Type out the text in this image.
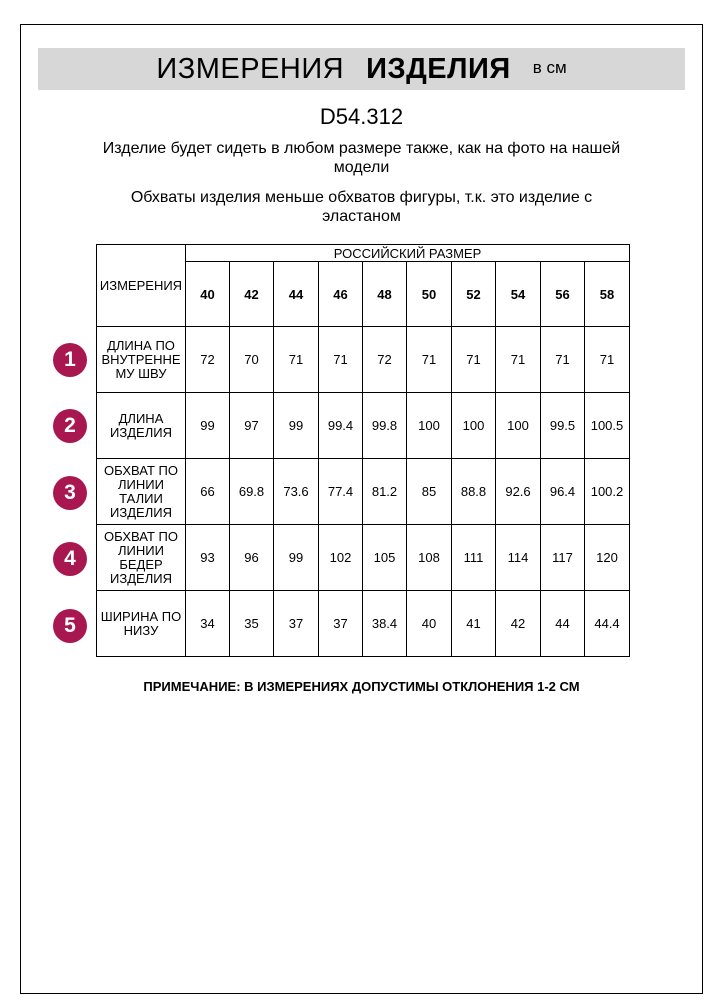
ИЗМЕРЕНИЯ ИЗДЕЛИЯ в см
D54.312
Изделие будет сидеть в любом размере также, как на фото на нашей модели
Обхваты изделия меньше обхватов фигуры, т.к. это изделие с эластаном
ИЗМЕРЕНИЯ	РОССИЙСКИЙ РАЗМЕР									
	40	42	44	46	48	50	52	54	56	58
ДЛИНА ПО ВНУТРЕННЕ МУ ШВУ	72	70	71	71	72	71	71	71	71	71
ДЛИНА ИЗДЕЛИЯ	99	97	99	99.4	99.8	100	100	100	99.5	100.5
ОБХВАТ ПО ЛИНИИ ТАЛИИ ИЗДЕЛИЯ	66	69.8	73.6	77.4	81.2	85	88.8	92.6	96.4	100.2
ОБХВАТ ПО ЛИНИИ БЕДЕР ИЗДЕЛИЯ	93	96	99	102	105	108	111	114	117	120
ШИРИНА ПО НИЗУ	34	35	37	37	38.4	40	41	42	44	44.4
1
2
3
4
5
ПРИМЕЧАНИЕ: В ИЗМЕРЕНИЯХ ДОПУСТИМЫ ОТКЛОНЕНИЯ 1-2 СМ
